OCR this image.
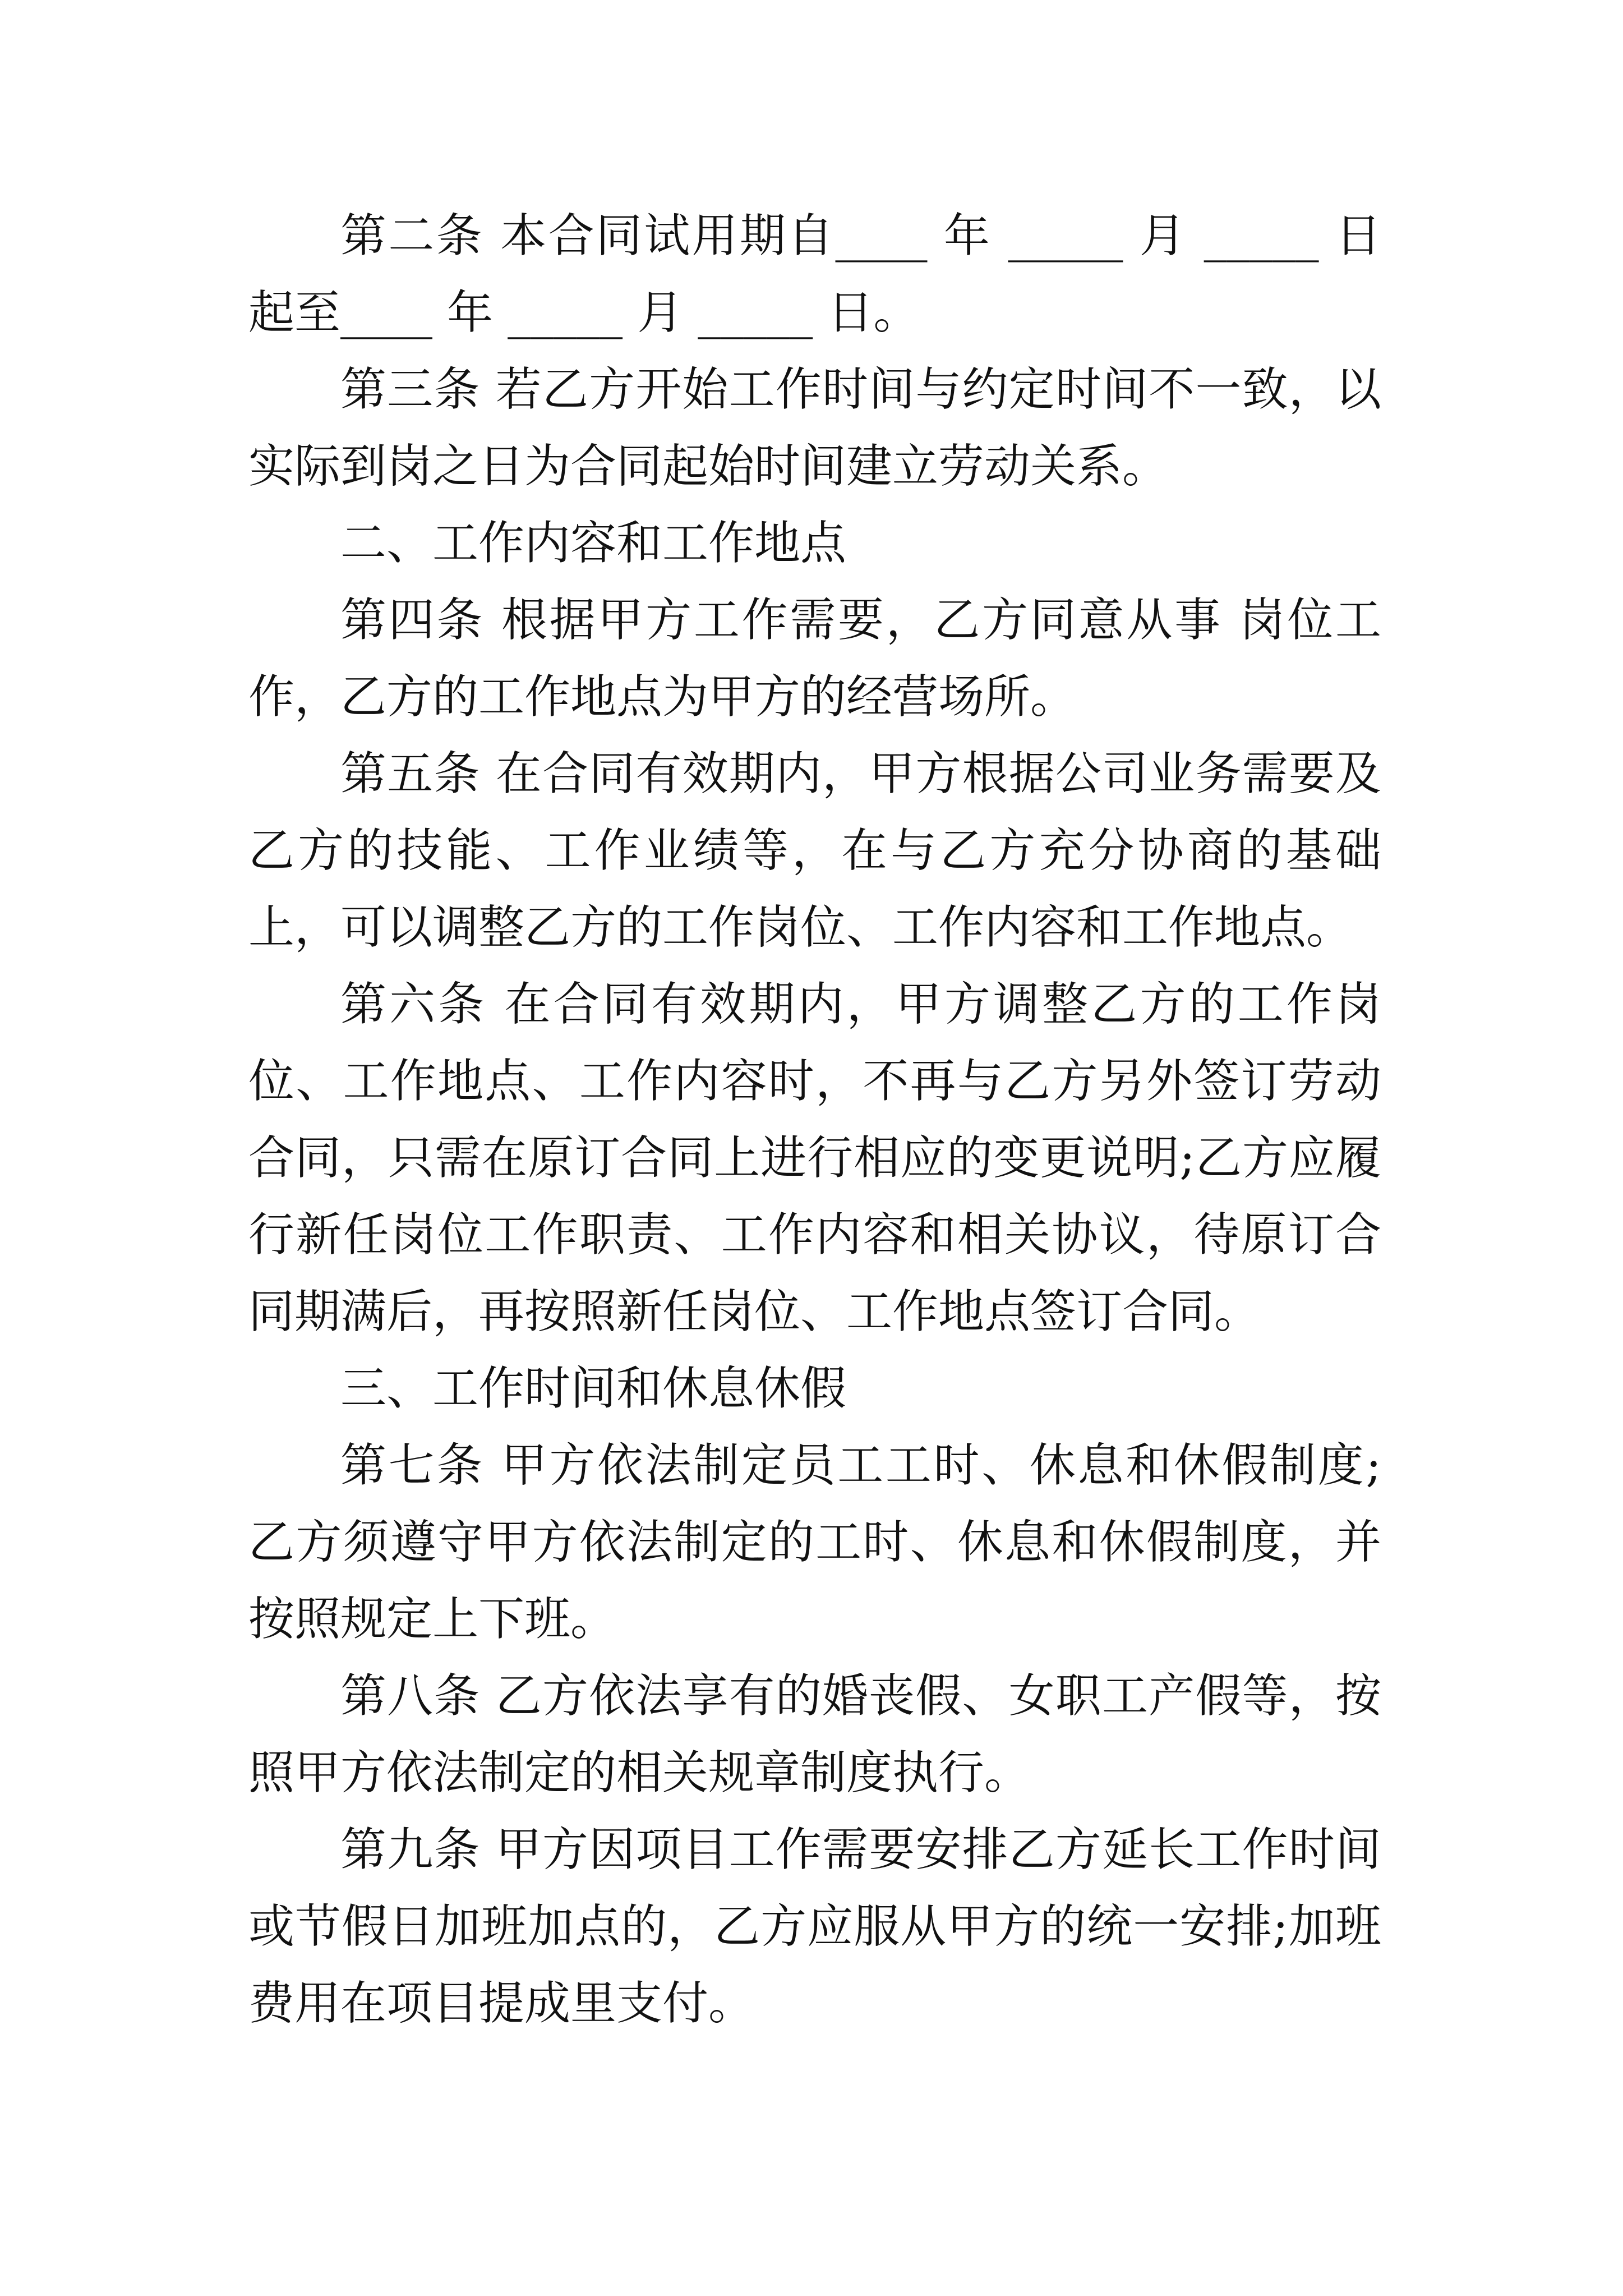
第二条 本合同试用期自____ 年 _____ 月 _____ 日起至____ 年 _____ 月 _____ 日。

第三条 若乙方开始工作时间与约定时间不一致，以实际到岗之日为合同起始时间建立劳动关系。

二、工作内容和工作地点

第四条 根据甲方工作需要，乙方同意从事 岗位工作，乙方的工作地点为甲方的经营场所。

第五条 在合同有效期内，甲方根据公司业务需要及乙方的技能、工作业绩等，在与乙方充分协商的基础上，可以调整乙方的工作岗位、工作内容和工作地点。

第六条 在合同有效期内，甲方调整乙方的工作岗位、工作地点、工作内容时，不再与乙方另外签订劳动合同，只需在原订合同上进行相应的变更说明;乙方应履行新任岗位工作职责、工作内容和相关协议，待原订合同期满后，再按照新任岗位、工作地点签订合同。

三、工作时间和休息休假

第七条 甲方依法制定员工工时、休息和休假制度;乙方须遵守甲方依法制定的工时、休息和休假制度，并按照规定上下班。

第八条 乙方依法享有的婚丧假、女职工产假等，按照甲方依法制定的相关规章制度执行。

第九条 甲方因项目工作需要安排乙方延长工作时间或节假日加班加点的，乙方应服从甲方的统一安排;加班费用在项目提成里支付。
